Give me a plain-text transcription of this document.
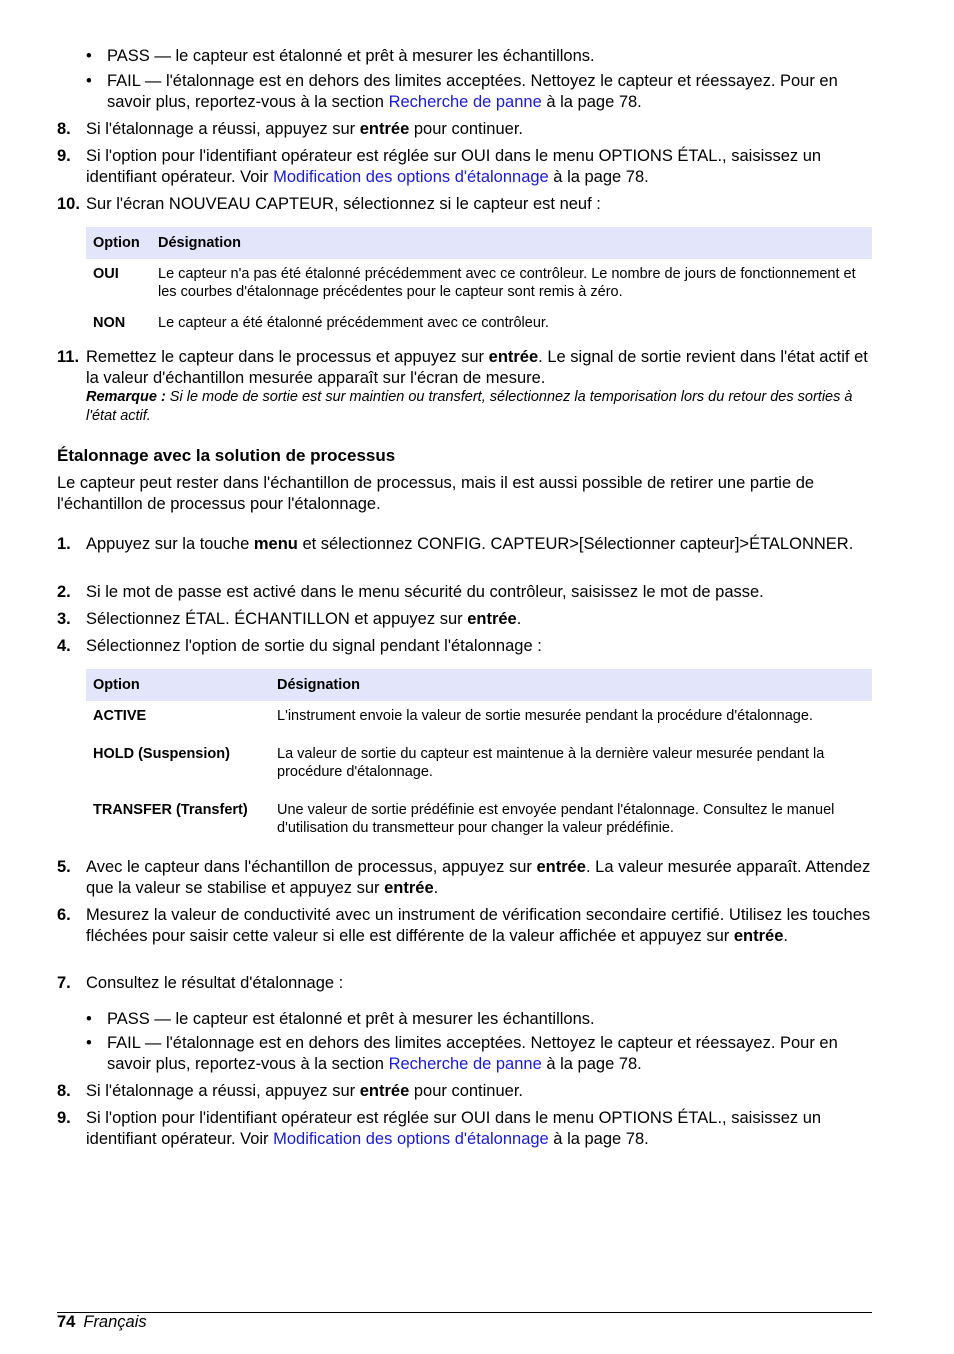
• PASS — le capteur est étalonné et prêt à mesurer les échantillons.

• FAIL — l'étalonnage est en dehors des limites acceptées. Nettoyez le capteur et réessayez. Pour en savoir plus, reportez-vous à la section Recherche de panne à la page 78.

8. Si l'étalonnage a réussi, appuyez sur entrée pour continuer.

9. Si l'option pour l'identifiant opérateur est réglée sur OUI dans le menu OPTIONS ÉTAL., saisissez un identifiant opérateur. Voir Modification des options d'étalonnage à la page 78.

10. Sur l'écran NOUVEAU CAPTEUR, sélectionnez si le capteur est neuf :

Option	Désignation
OUI	Le capteur n'a pas été étalonné précédemment avec ce contrôleur. Le nombre de jours de fonctionnement et les courbes d'étalonnage précédentes pour le capteur sont remis à zéro.
NON	Le capteur a été étalonné précédemment avec ce contrôleur.
11. Remettez le capteur dans le processus et appuyez sur entrée. Le signal de sortie revient dans l'état actif et la valeur d'échantillon mesurée apparaît sur l'écran de mesure.

Remarque : Si le mode de sortie est sur maintien ou transfert, sélectionnez la temporisation lors du retour des sorties à l'état actif.

Étalonnage avec la solution de processus

Le capteur peut rester dans l'échantillon de processus, mais il est aussi possible de retirer une partie de l'échantillon de processus pour l'étalonnage.

1. Appuyez sur la touche menu et sélectionnez CONFIG. CAPTEUR>[Sélectionner capteur]>ÉTALONNER.

2. Si le mot de passe est activé dans le menu sécurité du contrôleur, saisissez le mot de passe.

3. Sélectionnez ÉTAL. ÉCHANTILLON et appuyez sur entrée.

4. Sélectionnez l'option de sortie du signal pendant l'étalonnage :

Option	Désignation
ACTIVE	L'instrument envoie la valeur de sortie mesurée pendant la procédure d'étalonnage.
HOLD (Suspension)	La valeur de sortie du capteur est maintenue à la dernière valeur mesurée pendant la procédure d'étalonnage.
TRANSFER (Transfert)	Une valeur de sortie prédéfinie est envoyée pendant l'étalonnage. Consultez le manuel d'utilisation du transmetteur pour changer la valeur prédéfinie.
5. Avec le capteur dans l'échantillon de processus, appuyez sur entrée. La valeur mesurée apparaît. Attendez que la valeur se stabilise et appuyez sur entrée.

6. Mesurez la valeur de conductivité avec un instrument de vérification secondaire certifié. Utilisez les touches fléchées pour saisir cette valeur si elle est différente de la valeur affichée et appuyez sur entrée.

7. Consultez le résultat d'étalonnage :

• PASS — le capteur est étalonné et prêt à mesurer les échantillons.

• FAIL — l'étalonnage est en dehors des limites acceptées. Nettoyez le capteur et réessayez. Pour en savoir plus, reportez-vous à la section Recherche de panne à la page 78.

8. Si l'étalonnage a réussi, appuyez sur entrée pour continuer.

9. Si l'option pour l'identifiant opérateur est réglée sur OUI dans le menu OPTIONS ÉTAL., saisissez un identifiant opérateur. Voir Modification des options d'étalonnage à la page 78.

74 Français
